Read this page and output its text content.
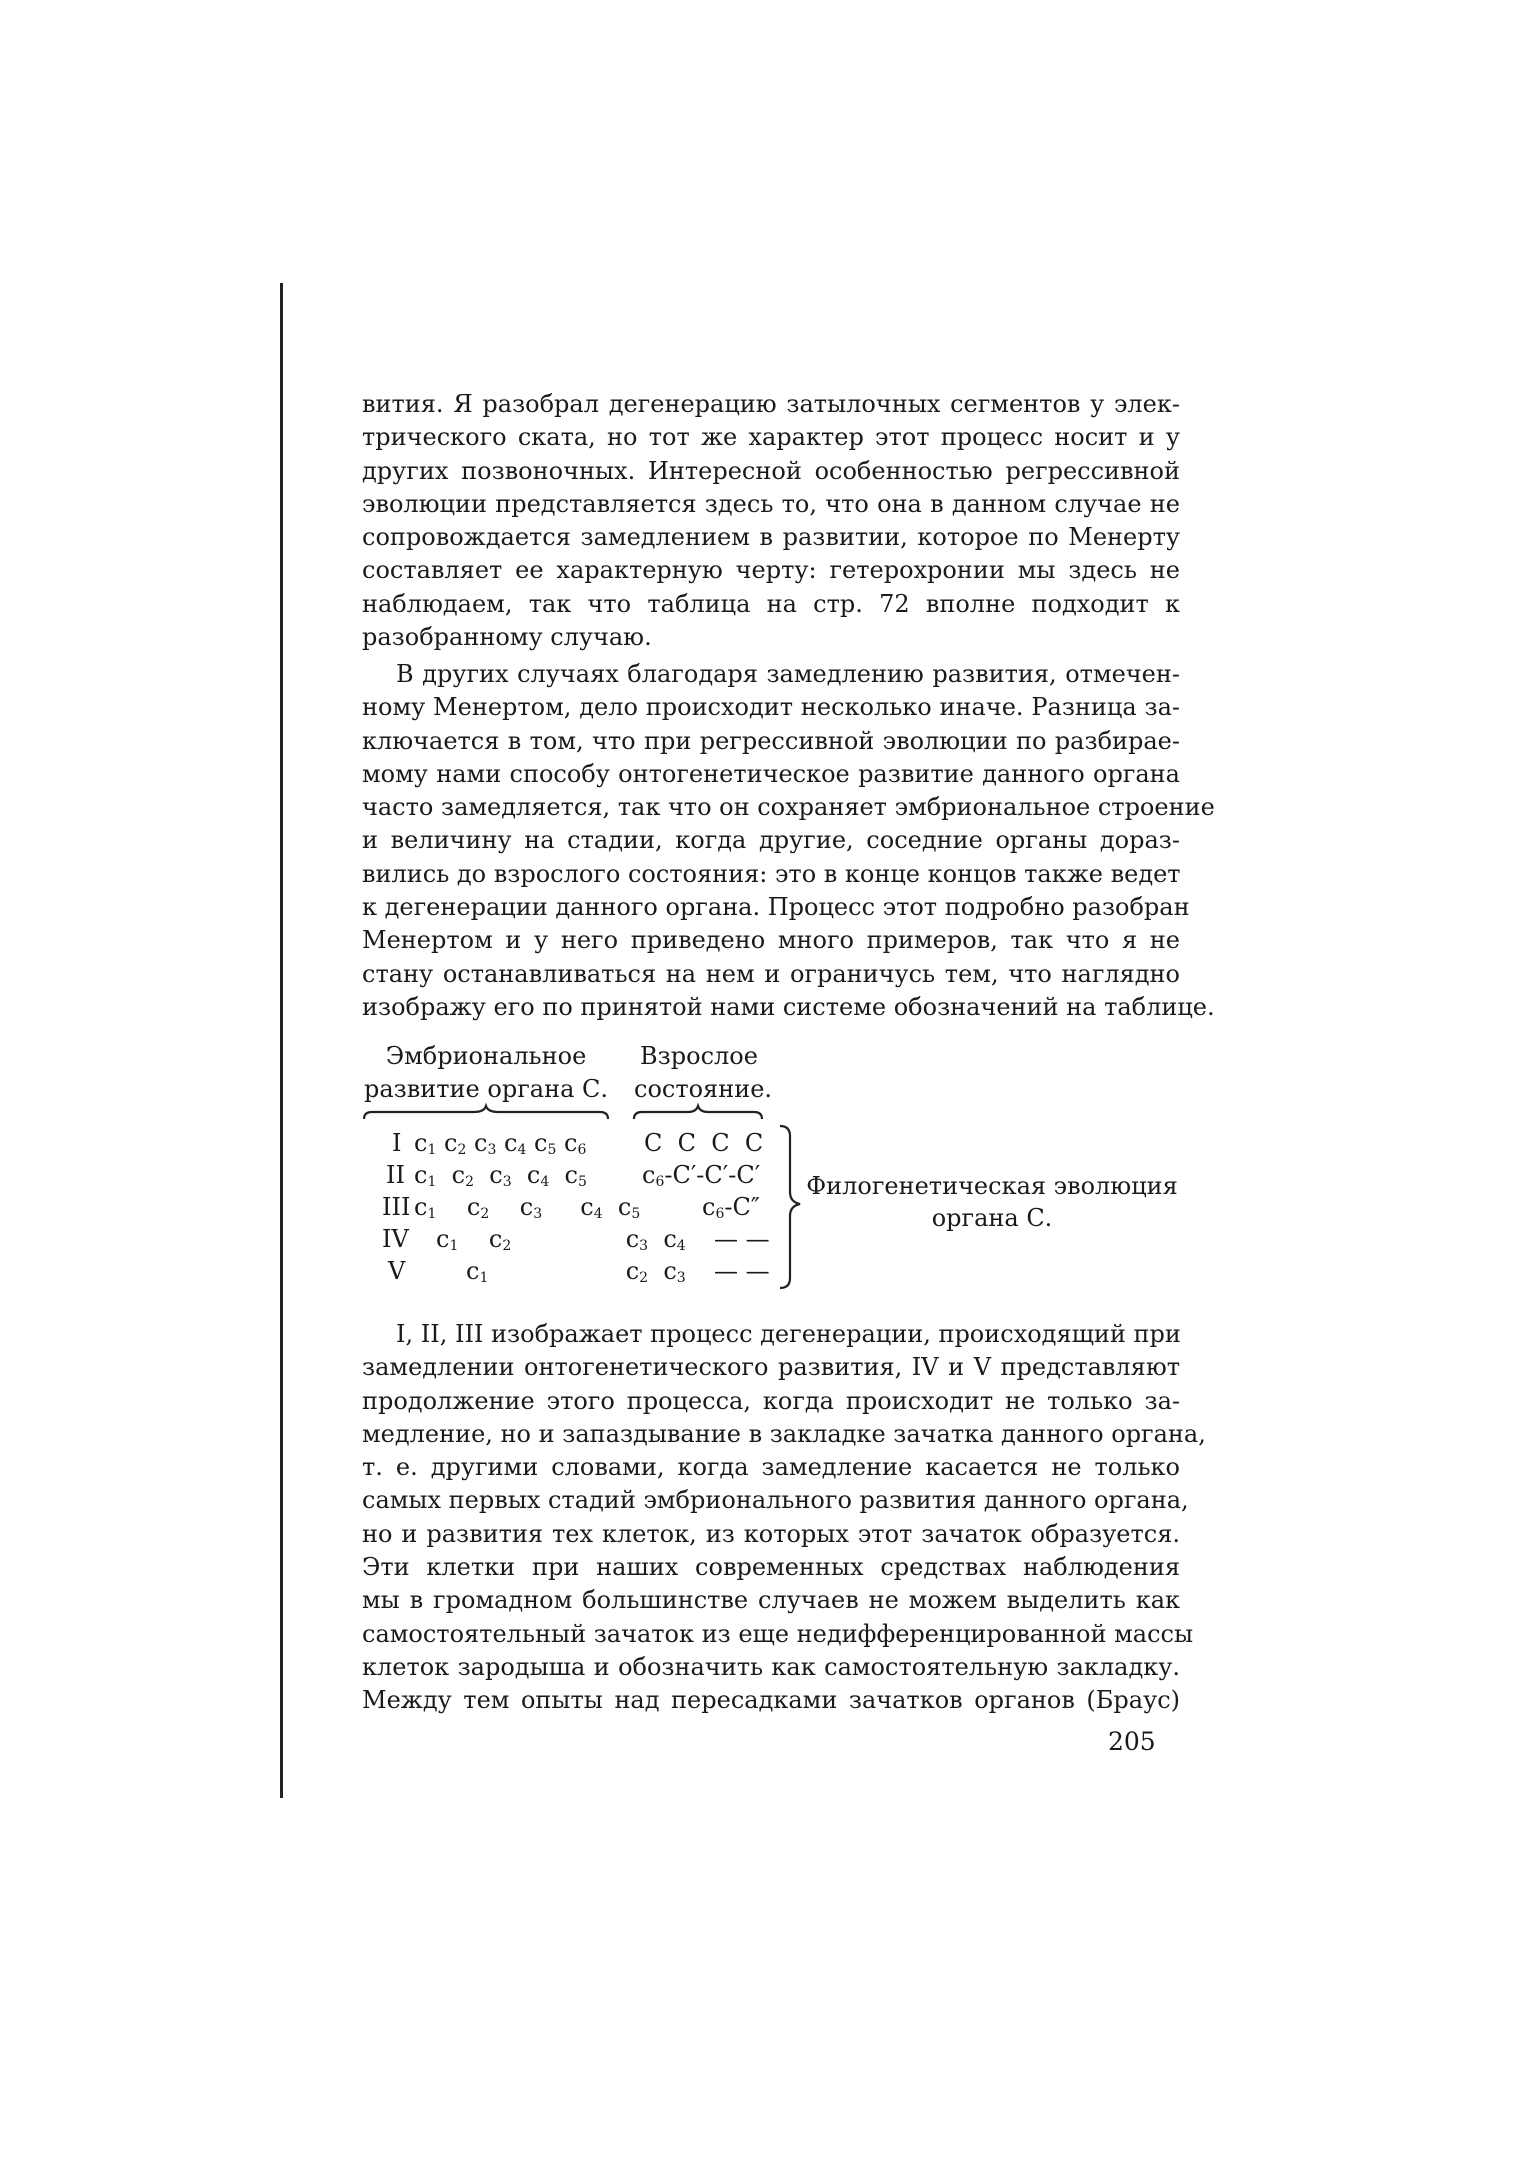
вития. Я разобрал дегенерацию затылочных сегментов у элек-
трического ската, но тот же характер этот процесс носит и у
других позвоночных. Интересной особенностью регрессивной
эволюции представляется здесь то, что она в данном случае не
сопровождается замедлением в развитии, которое по Менерту
составляет ее характерную черту: гетерохронии мы здесь не
наблюдаем, так что таблица на стр. 72 вполне подходит к
разобранному случаю.

В других случаях благодаря замедлению развития, отмечен-
ному Менертом, дело происходит несколько иначе. Разница за-
ключается в том, что при регрессивной эволюции по разбирае-
мому нами способу онтогенетическое развитие данного органа
часто замедляется, так что он сохраняет эмбриональное строение
и величину на стадии, когда другие, соседние органы дораз-
вились до взрослого состояния: это в конце концов также ведет
к дегенерации данного органа. Процесс этот подробно разобран
Менертом и у него приведено много примеров, так что я не
стану останавливаться на нем и ограничусь тем, что наглядно
изображу его по принятой нами системе обозначений на таблице.

Эмбриональное
развитие органа С.
Взрослое
состояние.
I
II
III
IV
V
$c_1$ $c_2$ $c_3$ $c_4$ $c_5$ $c_6$
$c_1$  $c_2$  $c_3$  $c_4$  $c_5$
$c_1$    $c_2$    $c_3$     $c_4$  $c_5$
$c_1$    $c_2$               $c_3$  $c_4$
$c_1$                  $c_2$  $c_3$
C  C  C  C
$c_6-C'-C'-C'$
$c_6-C''$
— —
— —
Филогенетическая эволюция
органа С.

I, II, III изображает процесс дегенерации, происходящий при
замедлении онтогенетического развития, IV и V представляют
продолжение этого процесса, когда происходит не только за-
медление, но и запаздывание в закладке зачатка данного органа,
т. е. другими словами, когда замедление касается не только
самых первых стадий эмбрионального развития данного органа,
но и развития тех клеток, из которых этот зачаток образуется.
Эти клетки при наших современных средствах наблюдения
мы в громадном большинстве случаев не можем выделить как
самостоятельный зачаток из еще недифференцированной массы
клеток зародыша и обозначить как самостоятельную закладку.
Между тем опыты над пересадками зачатков органов (Браус)

205
